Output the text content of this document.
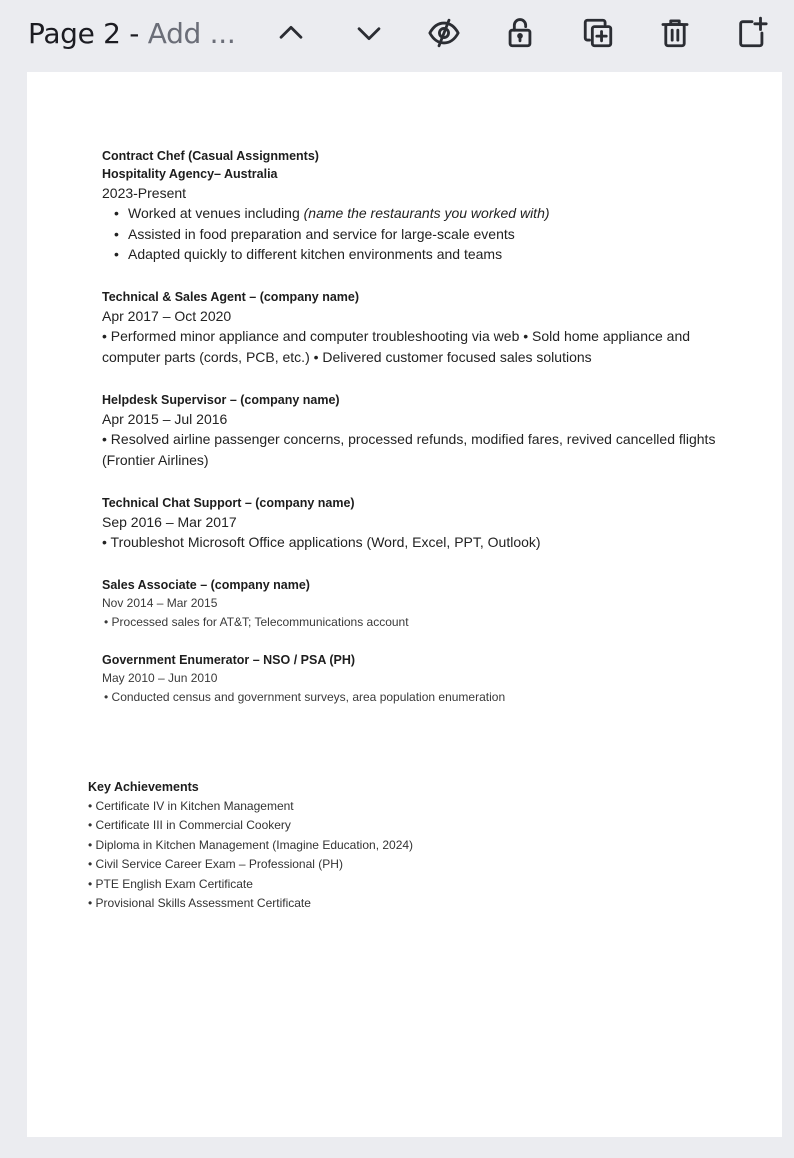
Page 2 - Add ...
Contract Chef (Casual Assignments)
Hospitality Agency– Australia
2023-Present
• Worked at venues including (name the restaurants you worked with)
• Assisted in food preparation and service for large-scale events
• Adapted quickly to different kitchen environments and teams
Technical & Sales Agent – (company name)
Apr 2017 – Oct 2020
• Performed minor appliance and computer troubleshooting via web • Sold home appliance and computer parts (cords, PCB, etc.) • Delivered customer focused sales solutions
Helpdesk Supervisor – (company name)
Apr 2015 – Jul 2016
• Resolved airline passenger concerns, processed refunds, modified fares, revived cancelled flights (Frontier Airlines)
Technical Chat Support – (company name)
Sep 2016 – Mar 2017
• Troubleshot Microsoft Office applications (Word, Excel, PPT, Outlook)
Sales Associate – (company name)
Nov 2014 – Mar 2015
• Processed sales for AT&T; Telecommunications account
Government Enumerator – NSO / PSA (PH)
May 2010 – Jun 2010
• Conducted census and government surveys, area population enumeration
Key Achievements
• Certificate IV in Kitchen Management
• Certificate III in Commercial Cookery
• Diploma in Kitchen Management (Imagine Education, 2024)
• Civil Service Career Exam – Professional (PH)
• PTE English Exam Certificate
• Provisional Skills Assessment Certificate
